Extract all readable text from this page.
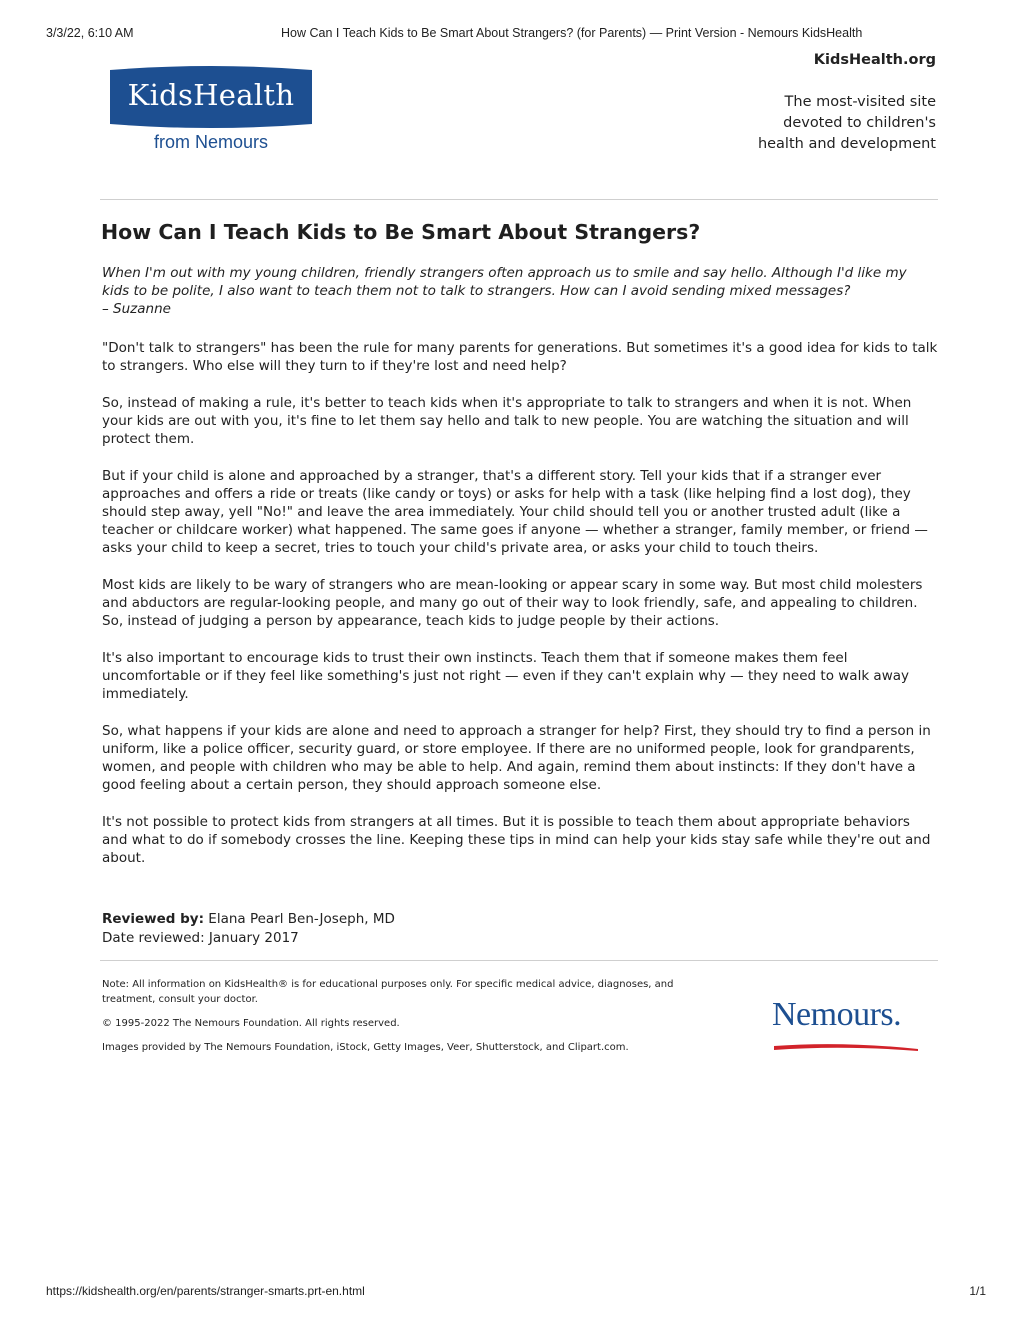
3/3/22, 6:10 AM	How Can I Teach Kids to Be Smart About Strangers? (for Parents) — Print Version - Nemours KidsHealth
KidsHealth
from Nemours
KidsHealth.org
The most-visited site
devoted to children's
health and development
How Can I Teach Kids to Be Smart About Strangers?

When I'm out with my young children, friendly strangers often approach us to smile and say hello. Although I'd like my kids to be polite, I also want to teach them not to talk to strangers. How can I avoid sending mixed messages?
– Suzanne

"Don't talk to strangers" has been the rule for many parents for generations. But sometimes it's a good idea for kids to talk to strangers. Who else will they turn to if they're lost and need help?

So, instead of making a rule, it's better to teach kids when it's appropriate to talk to strangers and when it is not. When your kids are out with you, it's fine to let them say hello and talk to new people. You are watching the situation and will protect them.

But if your child is alone and approached by a stranger, that's a different story. Tell your kids that if a stranger ever approaches and offers a ride or treats (like candy or toys) or asks for help with a task (like helping find a lost dog), they should step away, yell "No!" and leave the area immediately. Your child should tell you or another trusted adult (like a teacher or childcare worker) what happened. The same goes if anyone — whether a stranger, family member, or friend — asks your child to keep a secret, tries to touch your child's private area, or asks your child to touch theirs.

Most kids are likely to be wary of strangers who are mean-looking or appear scary in some way. But most child molesters and abductors are regular-looking people, and many go out of their way to look friendly, safe, and appealing to children. So, instead of judging a person by appearance, teach kids to judge people by their actions.

It's also important to encourage kids to trust their own instincts. Teach them that if someone makes them feel uncomfortable or if they feel like something's just not right — even if they can't explain why — they need to walk away immediately.

So, what happens if your kids are alone and need to approach a stranger for help? First, they should try to find a person in uniform, like a police officer, security guard, or store employee. If there are no uniformed people, look for grandparents, women, and people with children who may be able to help. And again, remind them about instincts: If they don't have a good feeling about a certain person, they should approach someone else.

It's not possible to protect kids from strangers at all times. But it is possible to teach them about appropriate behaviors and what to do if somebody crosses the line. Keeping these tips in mind can help your kids stay safe while they're out and about.

Reviewed by: Elana Pearl Ben-Joseph, MD
Date reviewed: January 2017

Note: All information on KidsHealth® is for educational purposes only. For specific medical advice, diagnoses, and treatment, consult your doctor.

© 1995-2022 The Nemours Foundation. All rights reserved.

Images provided by The Nemours Foundation, iStock, Getty Images, Veer, Shutterstock, and Clipart.com.

Nemours.
https://kidshealth.org/en/parents/stranger-smarts.prt-en.html	1/1
